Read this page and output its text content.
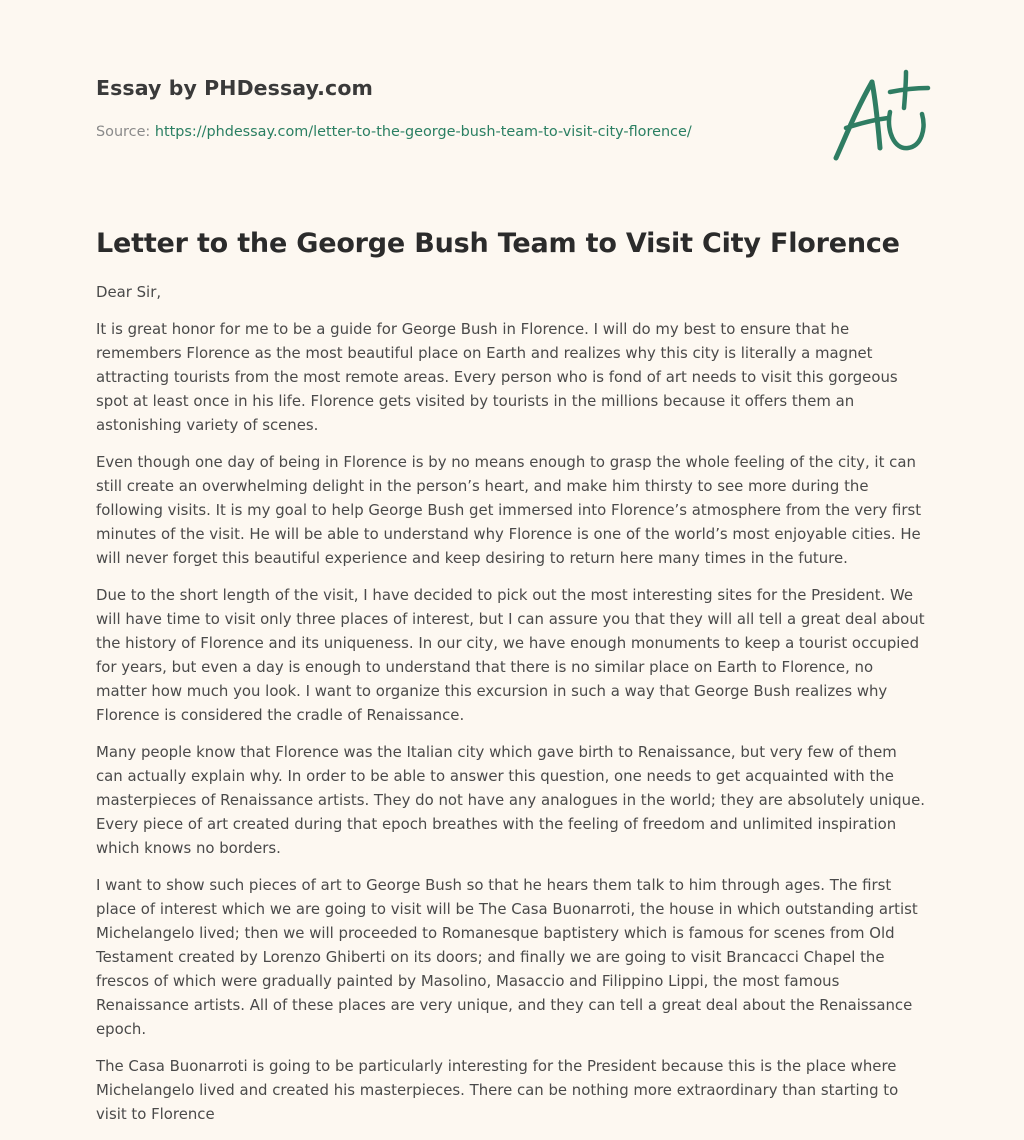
Essay by PHDessay.com
Source: https://phdessay.com/letter-to-the-george-bush-team-to-visit-city-florence/
Letter to the George Bush Team to Visit City Florence

Dear Sir,

It is great honor for me to be a guide for George Bush in Florence. I will do my best to ensure that he remembers Florence as the most beautiful place on Earth and realizes why this city is literally a magnet attracting tourists from the most remote areas. Every person who is fond of art needs to visit this gorgeous spot at least once in his life. Florence gets visited by tourists in the millions because it offers them an astonishing variety of scenes.

Even though one day of being in Florence is by no means enough to grasp the whole feeling of the city, it can still create an overwhelming delight in the person’s heart, and make him thirsty to see more during the following visits. It is my goal to help George Bush get immersed into Florence’s atmosphere from the very first minutes of the visit. He will be able to understand why Florence is one of the world’s most enjoyable cities. He will never forget this beautiful experience and keep desiring to return here many times in the future.

Due to the short length of the visit, I have decided to pick out the most interesting sites for the President. We will have time to visit only three places of interest, but I can assure you that they will all tell a great deal about the history of Florence and its uniqueness. In our city, we have enough monuments to keep a tourist occupied for years, but even a day is enough to understand that there is no similar place on Earth to Florence, no matter how much you look. I want to organize this excursion in such a way that George Bush realizes why Florence is considered the cradle of Renaissance.

Many people know that Florence was the Italian city which gave birth to Renaissance, but very few of them can actually explain why. In order to be able to answer this question, one needs to get acquainted with the masterpieces of Renaissance artists. They do not have any analogues in the world; they are absolutely unique. Every piece of art created during that epoch breathes with the feeling of freedom and unlimited inspiration which knows no borders.

I want to show such pieces of art to George Bush so that he hears them talk to him through ages. The first place of interest which we are going to visit will be The Casa Buonarroti, the house in which outstanding artist Michelangelo lived; then we will proceeded to Romanesque baptistery which is famous for scenes from Old Testament created by Lorenzo Ghiberti on its doors; and finally we are going to visit Brancacci Chapel the frescos of which were gradually painted by Masolino, Masaccio and Filippino Lippi, the most famous Renaissance artists. All of these places are very unique, and they can tell a great deal about the Renaissance epoch.

The Casa Buonarroti is going to be particularly interesting for the President because this is the place where Michelangelo lived and created his masterpieces. There can be nothing more extraordinary than starting to visit to Florence
